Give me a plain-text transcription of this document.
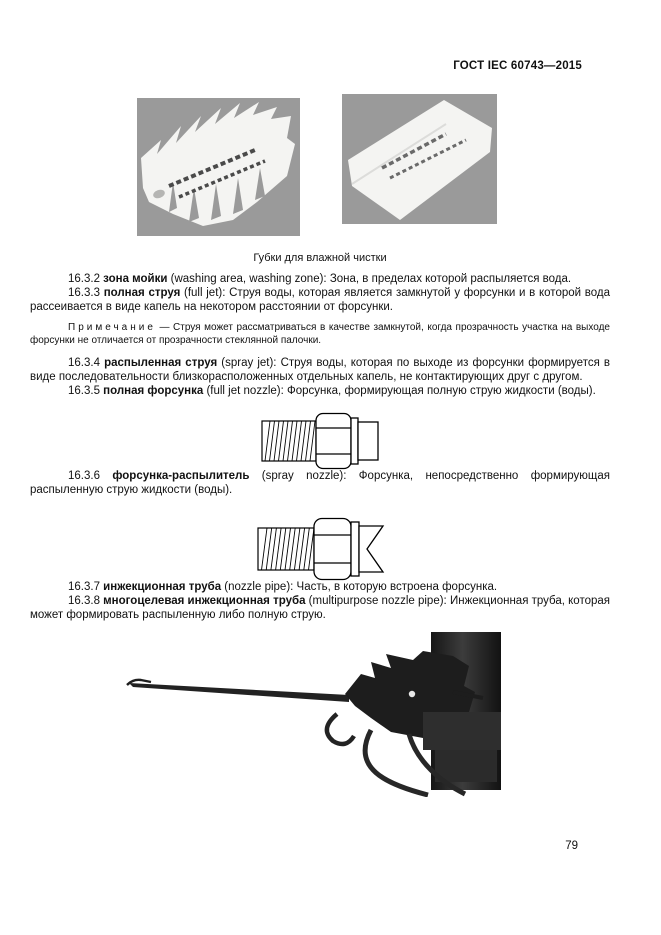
ГОСТ IEC 60743—2015
Губки для влажной чистки

16.3.2 зона мойки (washing area, washing zone): Зона, в пределах которой распыляется вода.

16.3.3 полная струя (full jet): Струя воды, которая является замкнутой у форсунки и в которой вода рассеивается в виде капель на некотором расстоянии от форсунки.

Примечание — Струя может рассматриваться в качестве замкнутой, когда прозрачность участка на выходе форсунки не отличается от прозрачности стеклянной палочки.

16.3.4 распыленная струя (spray jet): Струя воды, которая по выходе из форсунки формируется в виде последовательности близкорасположенных отдельных капель, не контактирующих друг с другом.

16.3.5 полная форсунка (full jet nozzle): Форсунка, формирующая полную струю жидкости (воды).

16.3.6 форсунка-распылитель (spray nozzle): Форсунка, непосредственно формирующая распыленную струю жидкости (воды).

16.3.7 инжекционная труба (nozzle pipe): Часть, в которую встроена форсунка.

16.3.8 многоцелевая инжекционная труба (multipurpose nozzle pipe): Инжекционная труба, которая может формировать распыленную либо полную струю.

79
